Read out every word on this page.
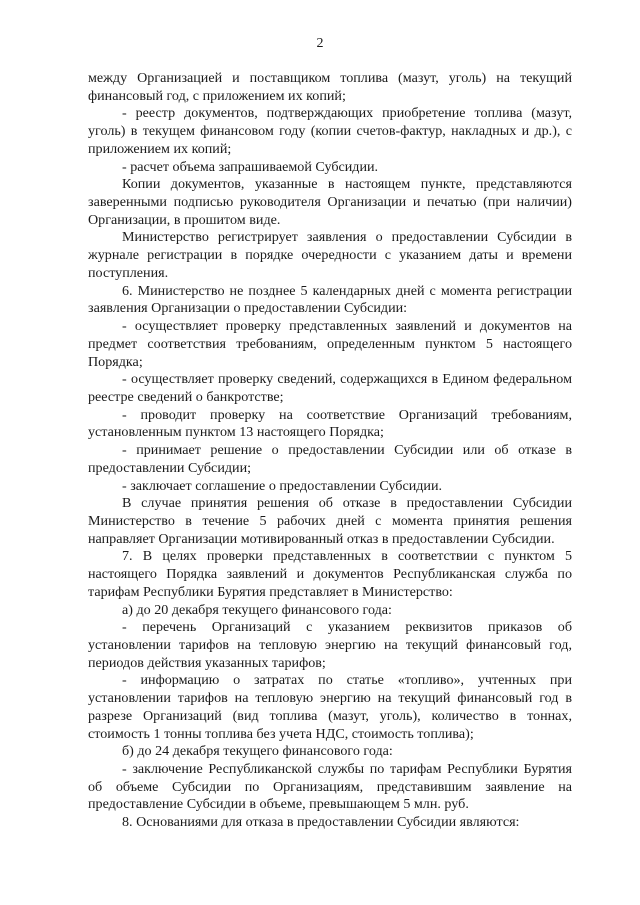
2

между Организацией и поставщиком топлива (мазут, уголь) на текущий финансовый год, с приложением их копий;

- реестр документов, подтверждающих приобретение топлива (мазут, уголь) в текущем финансовом году (копии счетов-фактур, накладных и др.), с приложением их копий;

- расчет объема запрашиваемой Субсидии.

Копии документов, указанные в настоящем пункте, представляются заверенными подписью руководителя Организации и печатью (при наличии) Организации, в прошитом виде.

Министерство регистрирует заявления о предоставлении Субсидии в журнале регистрации в порядке очередности с указанием даты и времени поступления.

6. Министерство не позднее 5 календарных дней с момента регистрации заявления Организации о предоставлении Субсидии:

- осуществляет проверку представленных заявлений и документов на предмет соответствия требованиям, определенным пунктом 5 настоящего Порядка;

- осуществляет проверку сведений, содержащихся в Едином федеральном реестре сведений о банкротстве;

- проводит проверку на соответствие Организаций требованиям, установленным пунктом 13 настоящего Порядка;

- принимает решение о предоставлении Субсидии или об отказе в предоставлении Субсидии;

- заключает соглашение о предоставлении Субсидии.

В случае принятия решения об отказе в предоставлении Субсидии Министерство в течение 5 рабочих дней с момента принятия решения направляет Организации мотивированный отказ в предоставлении Субсидии.

7. В целях проверки представленных в соответствии с пунктом 5 настоящего Порядка заявлений и документов Республиканская служба по тарифам Республики Бурятия представляет в Министерство:

а) до 20 декабря текущего финансового года:

- перечень Организаций с указанием реквизитов приказов об установлении тарифов на тепловую энергию на текущий финансовый год, периодов действия указанных тарифов;

- информацию о затратах по статье «топливо», учтенных при установлении тарифов на тепловую энергию на текущий финансовый год в разрезе Организаций (вид топлива (мазут, уголь), количество в тоннах, стоимость 1 тонны топлива без учета НДС, стоимость топлива);

б) до 24 декабря текущего финансового года:

- заключение Республиканской службы по тарифам Республики Бурятия об объеме Субсидии по Организациям, представившим заявление на предоставление Субсидии в объеме, превышающем 5 млн. руб.

8. Основаниями для отказа в предоставлении Субсидии являются:
